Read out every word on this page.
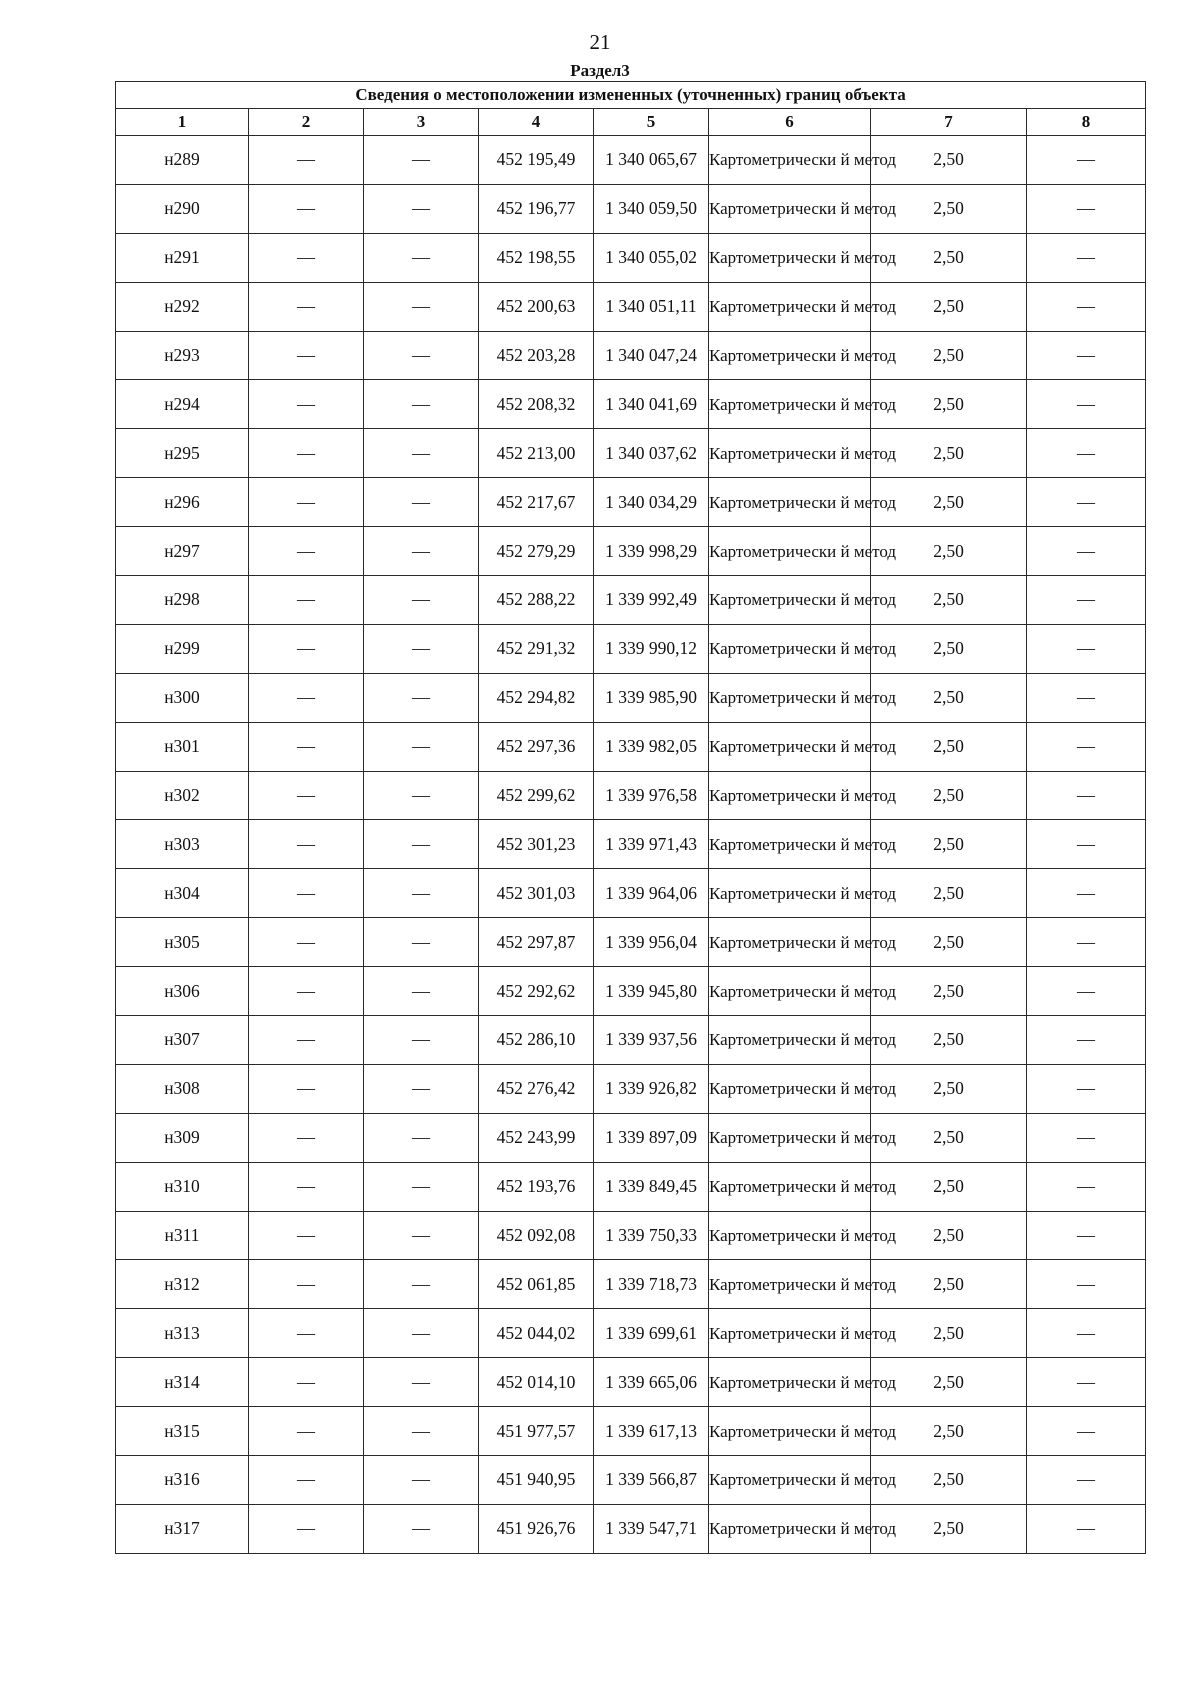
21
Раздел3
Сведения о местоположении измененных (уточненных) границ объекта							
1	2	3	4	5	6	7	8
н289	—	—	452 195,49	1 340 065,67	Картометрически й метод	2,50	—
н290	—	—	452 196,77	1 340 059,50	Картометрически й метод	2,50	—
н291	—	—	452 198,55	1 340 055,02	Картометрически й метод	2,50	—
н292	—	—	452 200,63	1 340 051,11	Картометрически й метод	2,50	—
н293	—	—	452 203,28	1 340 047,24	Картометрически й метод	2,50	—
н294	—	—	452 208,32	1 340 041,69	Картометрически й метод	2,50	—
н295	—	—	452 213,00	1 340 037,62	Картометрически й метод	2,50	—
н296	—	—	452 217,67	1 340 034,29	Картометрически й метод	2,50	—
н297	—	—	452 279,29	1 339 998,29	Картометрически й метод	2,50	—
н298	—	—	452 288,22	1 339 992,49	Картометрически й метод	2,50	—
н299	—	—	452 291,32	1 339 990,12	Картометрически й метод	2,50	—
н300	—	—	452 294,82	1 339 985,90	Картометрически й метод	2,50	—
н301	—	—	452 297,36	1 339 982,05	Картометрически й метод	2,50	—
н302	—	—	452 299,62	1 339 976,58	Картометрически й метод	2,50	—
н303	—	—	452 301,23	1 339 971,43	Картометрически й метод	2,50	—
н304	—	—	452 301,03	1 339 964,06	Картометрически й метод	2,50	—
н305	—	—	452 297,87	1 339 956,04	Картометрически й метод	2,50	—
н306	—	—	452 292,62	1 339 945,80	Картометрически й метод	2,50	—
н307	—	—	452 286,10	1 339 937,56	Картометрически й метод	2,50	—
н308	—	—	452 276,42	1 339 926,82	Картометрически й метод	2,50	—
н309	—	—	452 243,99	1 339 897,09	Картометрически й метод	2,50	—
н310	—	—	452 193,76	1 339 849,45	Картометрически й метод	2,50	—
н311	—	—	452 092,08	1 339 750,33	Картометрически й метод	2,50	—
н312	—	—	452 061,85	1 339 718,73	Картометрически й метод	2,50	—
н313	—	—	452 044,02	1 339 699,61	Картометрически й метод	2,50	—
н314	—	—	452 014,10	1 339 665,06	Картометрически й метод	2,50	—
н315	—	—	451 977,57	1 339 617,13	Картометрически й метод	2,50	—
н316	—	—	451 940,95	1 339 566,87	Картометрически й метод	2,50	—
н317	—	—	451 926,76	1 339 547,71	Картометрически й метод	2,50	—
